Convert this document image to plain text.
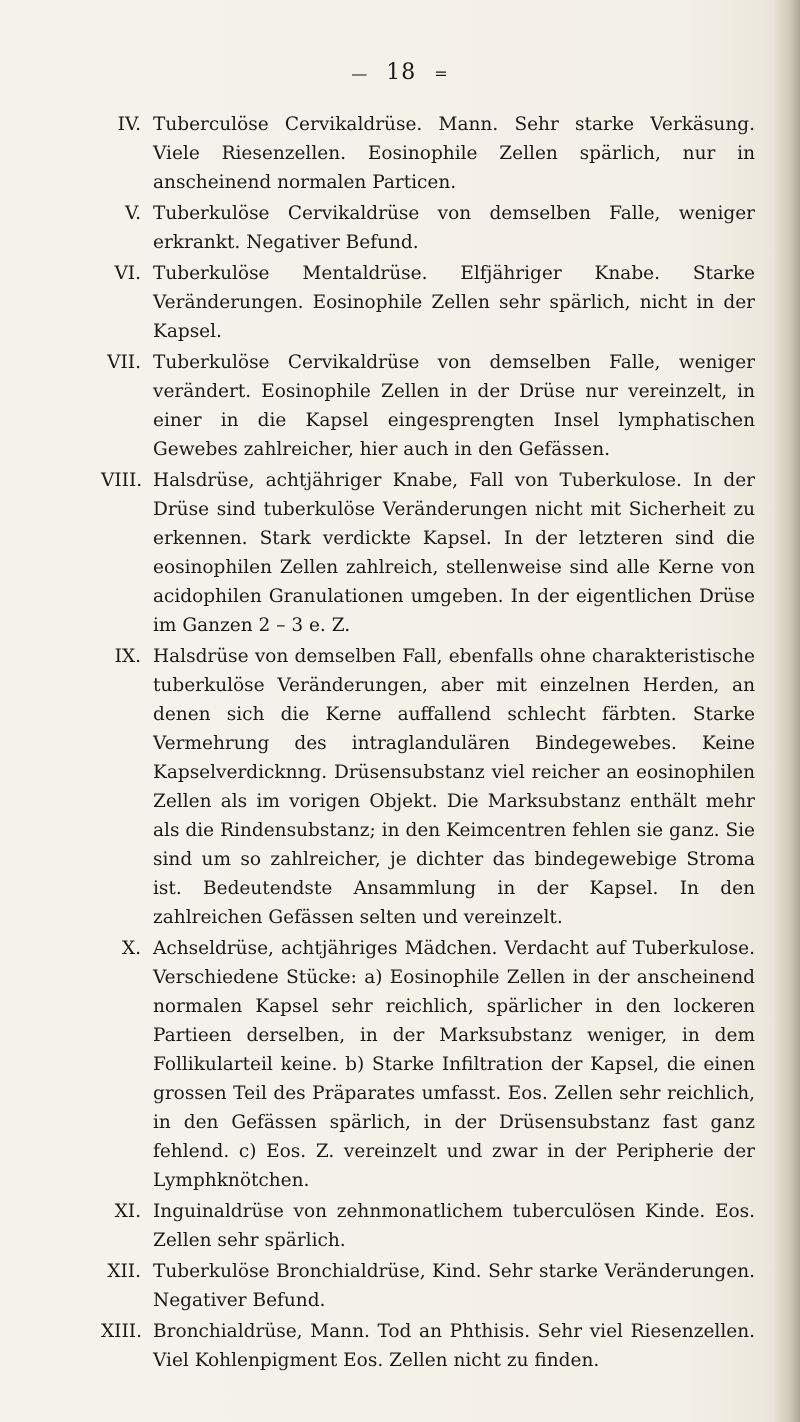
— 18 =
IV. Tuberculöse Cervikaldrüse. Mann. Sehr starke Verkäsung. Viele Riesenzellen. Eosinophile Zellen spärlich, nur in anscheinend normalen Particen.
V. Tuberkulöse Cervikaldrüse von demselben Falle, weniger erkrankt. Negativer Befund.
VI. Tuberkulöse Mentaldrüse. Elfjähriger Knabe. Starke Veränderungen. Eosinophile Zellen sehr spärlich, nicht in der Kapsel.
VII. Tuberkulöse Cervikaldrüse von demselben Falle, weniger verändert. Eosinophile Zellen in der Drüse nur vereinzelt, in einer in die Kapsel eingesprengten Insel lymphatischen Gewebes zahlreicher, hier auch in den Gefässen.
VIII. Halsdrüse, achtjähriger Knabe, Fall von Tuberkulose. In der Drüse sind tuberkulöse Veränderungen nicht mit Sicherheit zu erkennen. Stark verdickte Kapsel. In der letzteren sind die eosinophilen Zellen zahlreich, stellenweise sind alle Kerne von acidophilen Granulationen umgeben. In der eigentlichen Drüse im Ganzen 2 – 3 e. Z.
IX. Halsdrüse von demselben Fall, ebenfalls ohne charakteristische tuberkulöse Veränderungen, aber mit einzelnen Herden, an denen sich die Kerne auffallend schlecht färbten. Starke Vermehrung des intraglandulären Bindegewebes. Keine Kapselverdicknng. Drüsensubstanz viel reicher an eosinophilen Zellen als im vorigen Objekt. Die Marksubstanz enthält mehr als die Rindensubstanz; in den Keimcentren fehlen sie ganz. Sie sind um so zahlreicher, je dichter das bindegewebige Stroma ist. Bedeutendste Ansammlung in der Kapsel. In den zahlreichen Gefässen selten und vereinzelt.
X. Achseldrüse, achtjähriges Mädchen. Verdacht auf Tuberkulose. Verschiedene Stücke: a) Eosinophile Zellen in der anscheinend normalen Kapsel sehr reichlich, spärlicher in den lockeren Partieen derselben, in der Marksubstanz weniger, in dem Follikularteil keine. b) Starke Infiltration der Kapsel, die einen grossen Teil des Präparates umfasst. Eos. Zellen sehr reichlich, in den Gefässen spärlich, in der Drüsensubstanz fast ganz fehlend. c) Eos. Z. vereinzelt und zwar in der Peripherie der Lymphknötchen.
XI. Inguinaldrüse von zehnmonatlichem tuberculösen Kinde. Eos. Zellen sehr spärlich.
XII. Tuberkulöse Bronchialdrüse, Kind. Sehr starke Veränderungen. Negativer Befund.
XIII. Bronchialdrüse, Mann. Tod an Phthisis. Sehr viel Riesenzellen. Viel Kohlenpigment Eos. Zellen nicht zu finden.
